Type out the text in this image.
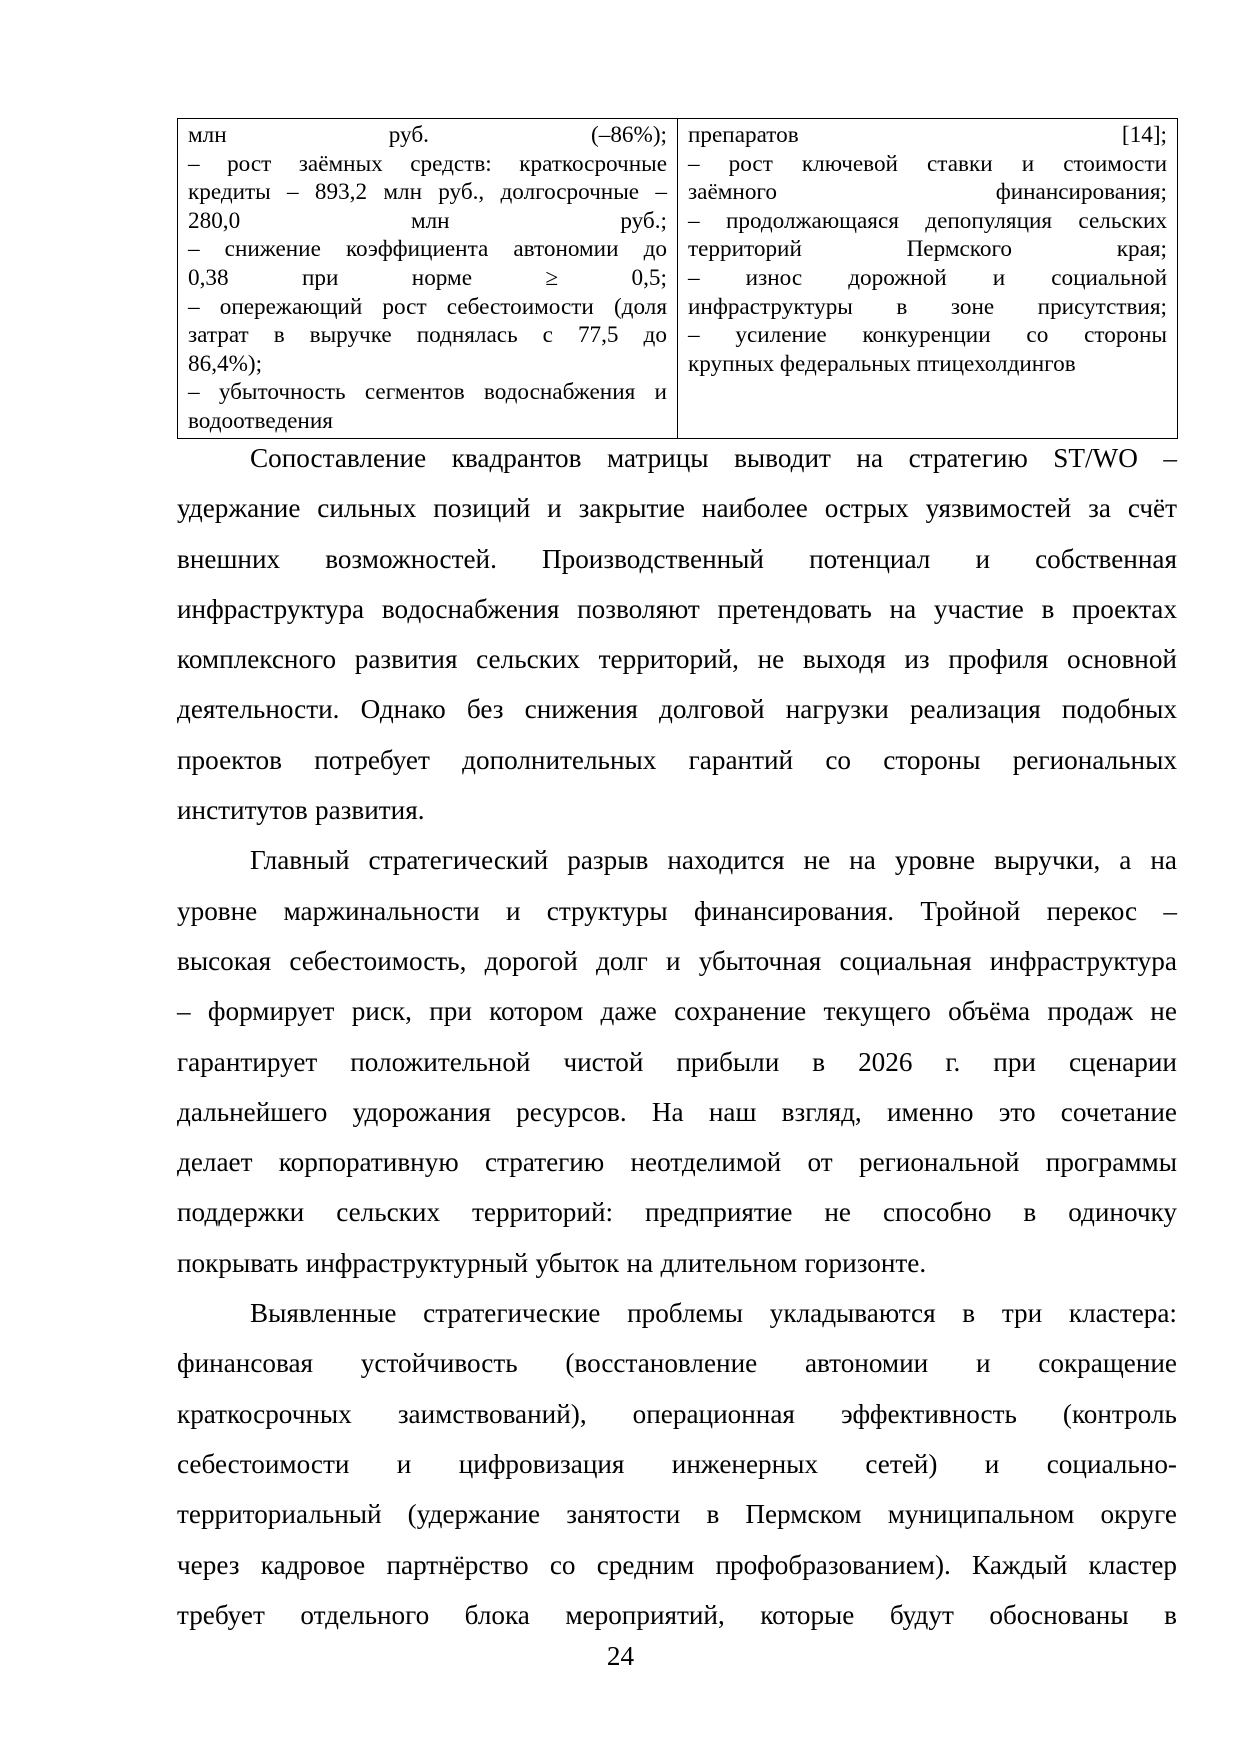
млн	руб.	(–86%);
– рост заёмных средств: краткосрочные
кредиты – 893,2 млн руб., долгосрочные –
280,0	млн	руб.;
– снижение коэффициента автономии до
0,38	при	норме	≥	0,5;
– опережающий рост себестоимости (доля
затрат в выручке поднялась с 77,5 до
86,4%);
– убыточность сегментов водоснабжения и
водоотведения

препаратов	[14];
– рост ключевой ставки и стоимости
заёмного	финансирования;
– продолжающаяся депопуляция сельских
территорий	Пермского	края;
– износ дорожной и социальной
инфраструктуры в зоне присутствия;
– усиление конкуренции со стороны
крупных федеральных птицехолдингов
Сопоставление квадрантов матрицы выводит на стратегию ST/WO –
удержание сильных позиций и закрытие наиболее острых уязвимостей за счёт
внешних возможностей. Производственный потенциал и собственная
инфраструктура водоснабжения позволяют претендовать на участие в проектах
комплексного развития сельских территорий, не выходя из профиля основной
деятельности. Однако без снижения долговой нагрузки реализация подобных
проектов потребует дополнительных гарантий со стороны региональных
институтов развития.
Главный стратегический разрыв находится не на уровне выручки, а на
уровне маржинальности и структуры финансирования. Тройной перекос –
высокая себестоимость, дорогой долг и убыточная социальная инфраструктура
– формирует риск, при котором даже сохранение текущего объёма продаж не
гарантирует положительной чистой прибыли в 2026 г. при сценарии
дальнейшего удорожания ресурсов. На наш взгляд, именно это сочетание
делает корпоративную стратегию неотделимой от региональной программы
поддержки сельских территорий: предприятие не способно в одиночку
покрывать инфраструктурный убыток на длительном горизонте.
Выявленные стратегические проблемы укладываются в три кластера:
финансовая устойчивость (восстановление автономии и сокращение
краткосрочных заимствований), операционная эффективность (контроль
себестоимости и цифровизация инженерных сетей) и социально-
территориальный (удержание занятости в Пермском муниципальном округе
через кадровое партнёрство со средним профобразованием). Каждый кластер
требует отдельного блока мероприятий, которые будут обоснованы в
24
